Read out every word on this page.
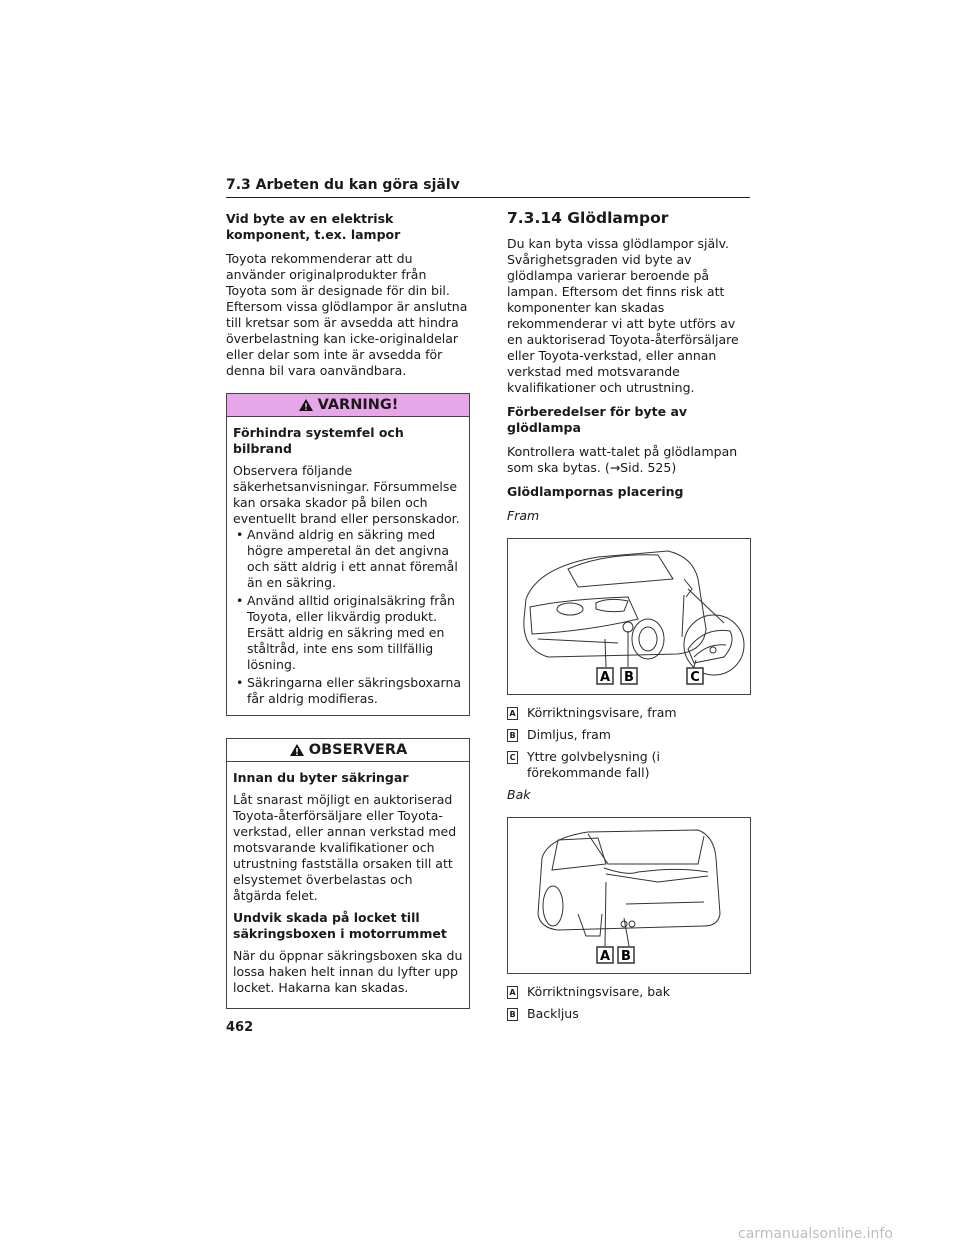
7.3 Arbeten du kan göra själv

Vid byte av en elektrisk komponent, t.ex. lampor

Toyota rekommenderar att du använder originalprodukter från Toyota som är designade för din bil. Eftersom vissa glödlampor är anslutna till kretsar som är avsedda att hindra överbelastning kan icke-originaldelar eller delar som inte är avsedda för denna bil vara oanvändbara.

VARNING!

Förhindra systemfel och bilbrand

Observera följande säkerhetsanvisningar. Försummelse kan orsaka skador på bilen och eventuellt brand eller personskador.

• Använd aldrig en säkring med högre amperetal än det angivna och sätt aldrig i ett annat föremål än en säkring.
• Använd alltid originalsäkring från Toyota, eller likvärdig produkt. Ersätt aldrig en säkring med en ståltråd, inte ens som tillfällig lösning.
• Säkringarna eller säkringsboxarna får aldrig modifieras.
OBSERVERA

Innan du byter säkringar

Låt snarast möjligt en auktoriserad Toyota-återförsäljare eller Toyota-verkstad, eller annan verkstad med motsvarande kvalifikationer och utrustning fastställa orsaken till att elsystemet överbelastas och åtgärda felet.

Undvik skada på locket till säkringsboxen i motorrummet

När du öppnar säkringsboxen ska du lossa haken helt innan du lyfter upp locket. Hakarna kan skadas.

7.3.14 Glödlampor

Du kan byta vissa glödlampor själv. Svårighetsgraden vid byte av glödlampa varierar beroende på lampan. Eftersom det finns risk att komponenter kan skadas rekommenderar vi att byte utförs av en auktoriserad Toyota-återförsäljare eller Toyota-verkstad, eller annan verkstad med motsvarande kvalifikationer och utrustning.

Förberedelser för byte av glödlampa

Kontrollera watt-talet på glödlampan som ska bytas. (→Sid. 525)

Glödlampornas placering

Fram

A B	C
A Körriktningsvisare, fram
B Dimljus, fram
C Yttre golvbelysning (i förekommande fall)

Bak

A B
A Körriktningsvisare, bak
B Backljus
462
carmanualsonline.info
